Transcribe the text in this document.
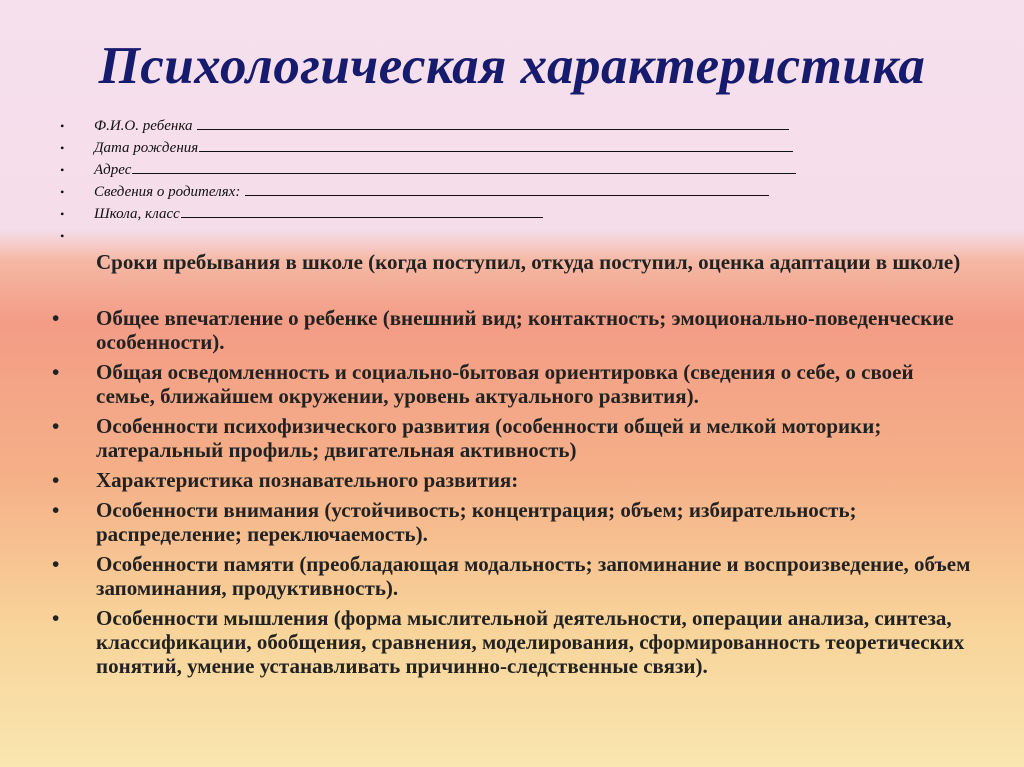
Психологическая характеристика
• Ф.И.О. ребенка
• Дата рождения
• Адрес
• Сведения о родителях:
• Школа, класс
•
Сроки пребывания в школе (когда поступил, откуда поступил, оценка адаптации в школе)
• Общее впечатление о ребенке (внешний вид; контактность; эмоционально-поведенческие особенности).
• Общая осведомленность и социально-бытовая ориентировка (сведения о себе, о своей семье, ближайшем окружении, уровень актуального развития).
• Особенности психофизического развития (особенности общей и мелкой моторики; латеральный профиль; двигательная активность)
• Характеристика познавательного развития:
• Особенности внимания (устойчивость; концентрация; объем; избирательность; распределение; переключаемость).
• Особенности памяти (преобладающая модальность; запоминание и воспроизведение, объем запоминания, продуктивность).
• Особенности мышления (форма мыслительной деятельности, операции анализа, синтеза, классификации, обобщения, сравнения, моделирования, сформированность теоретических понятий, умение устанавливать причинно-следственные связи).
